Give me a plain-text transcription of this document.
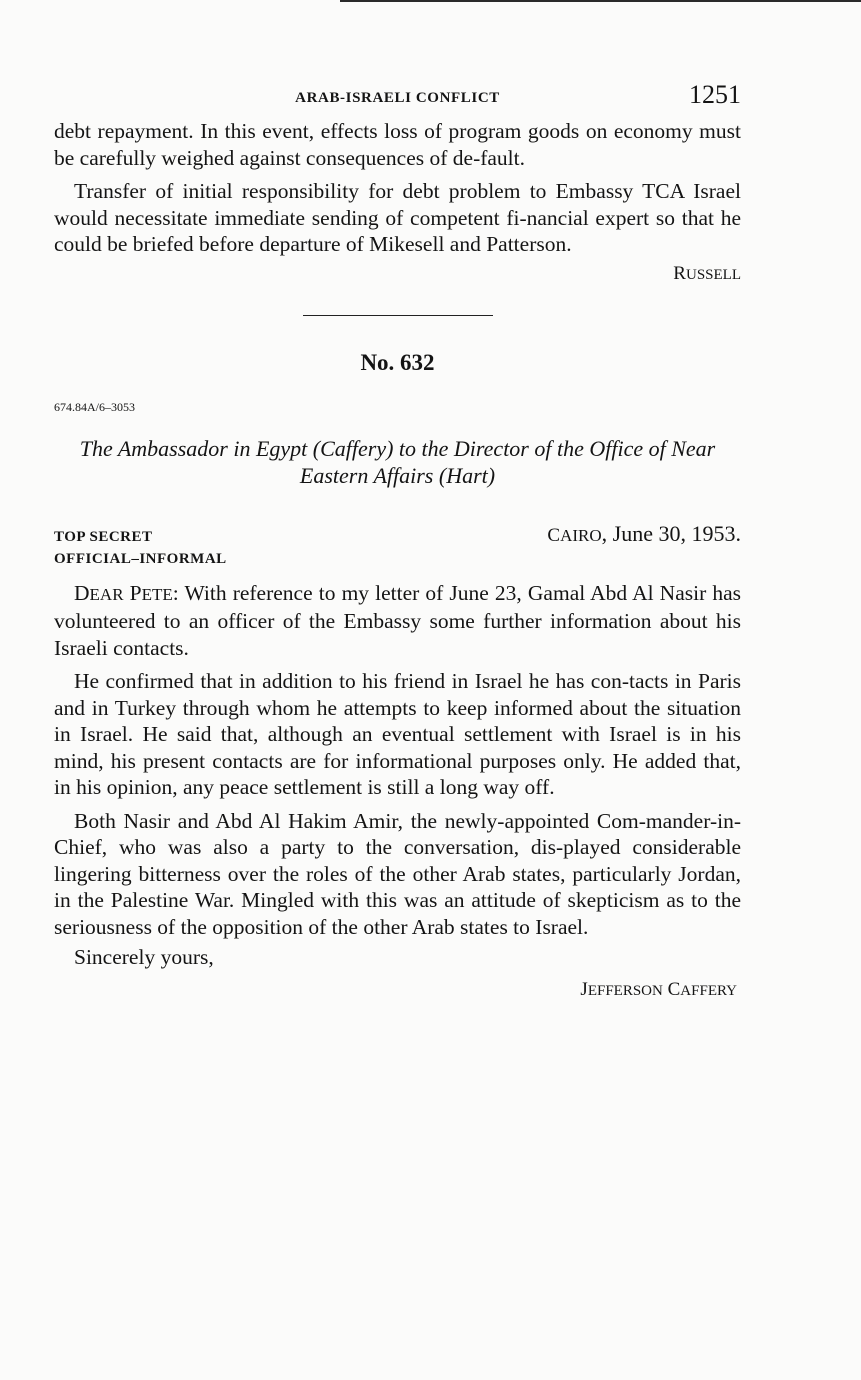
ARAB-ISRAELI CONFLICT	1251

debt repayment. In this event, effects loss of program goods on economy must be carefully weighed against consequences of de-fault.

Transfer of initial responsibility for debt problem to Embassy TCA Israel would necessitate immediate sending of competent fi-nancial expert so that he could be briefed before departure of Mikesell and Patterson.

RUSSELL
No. 632
674.84A/6–3053
The Ambassador in Egypt (Caffery) to the Director of the Office of Near Eastern Affairs (Hart)
TOP SECRET
OFFICIAL–INFORMAL
CAIRO, June 30, 1953.

DEAR PETE: With reference to my letter of June 23, Gamal Abd Al Nasir has volunteered to an officer of the Embassy some further information about his Israeli contacts.

He confirmed that in addition to his friend in Israel he has con-tacts in Paris and in Turkey through whom he attempts to keep informed about the situation in Israel. He said that, although an eventual settlement with Israel is in his mind, his present contacts are for informational purposes only. He added that, in his opinion, any peace settlement is still a long way off.

Both Nasir and Abd Al Hakim Amir, the newly-appointed Com-mander-in-Chief, who was also a party to the conversation, dis-played considerable lingering bitterness over the roles of the other Arab states, particularly Jordan, in the Palestine War. Mingled with this was an attitude of skepticism as to the seriousness of the opposition of the other Arab states to Israel.

Sincerely yours,

JEFFERSON CAFFERY
